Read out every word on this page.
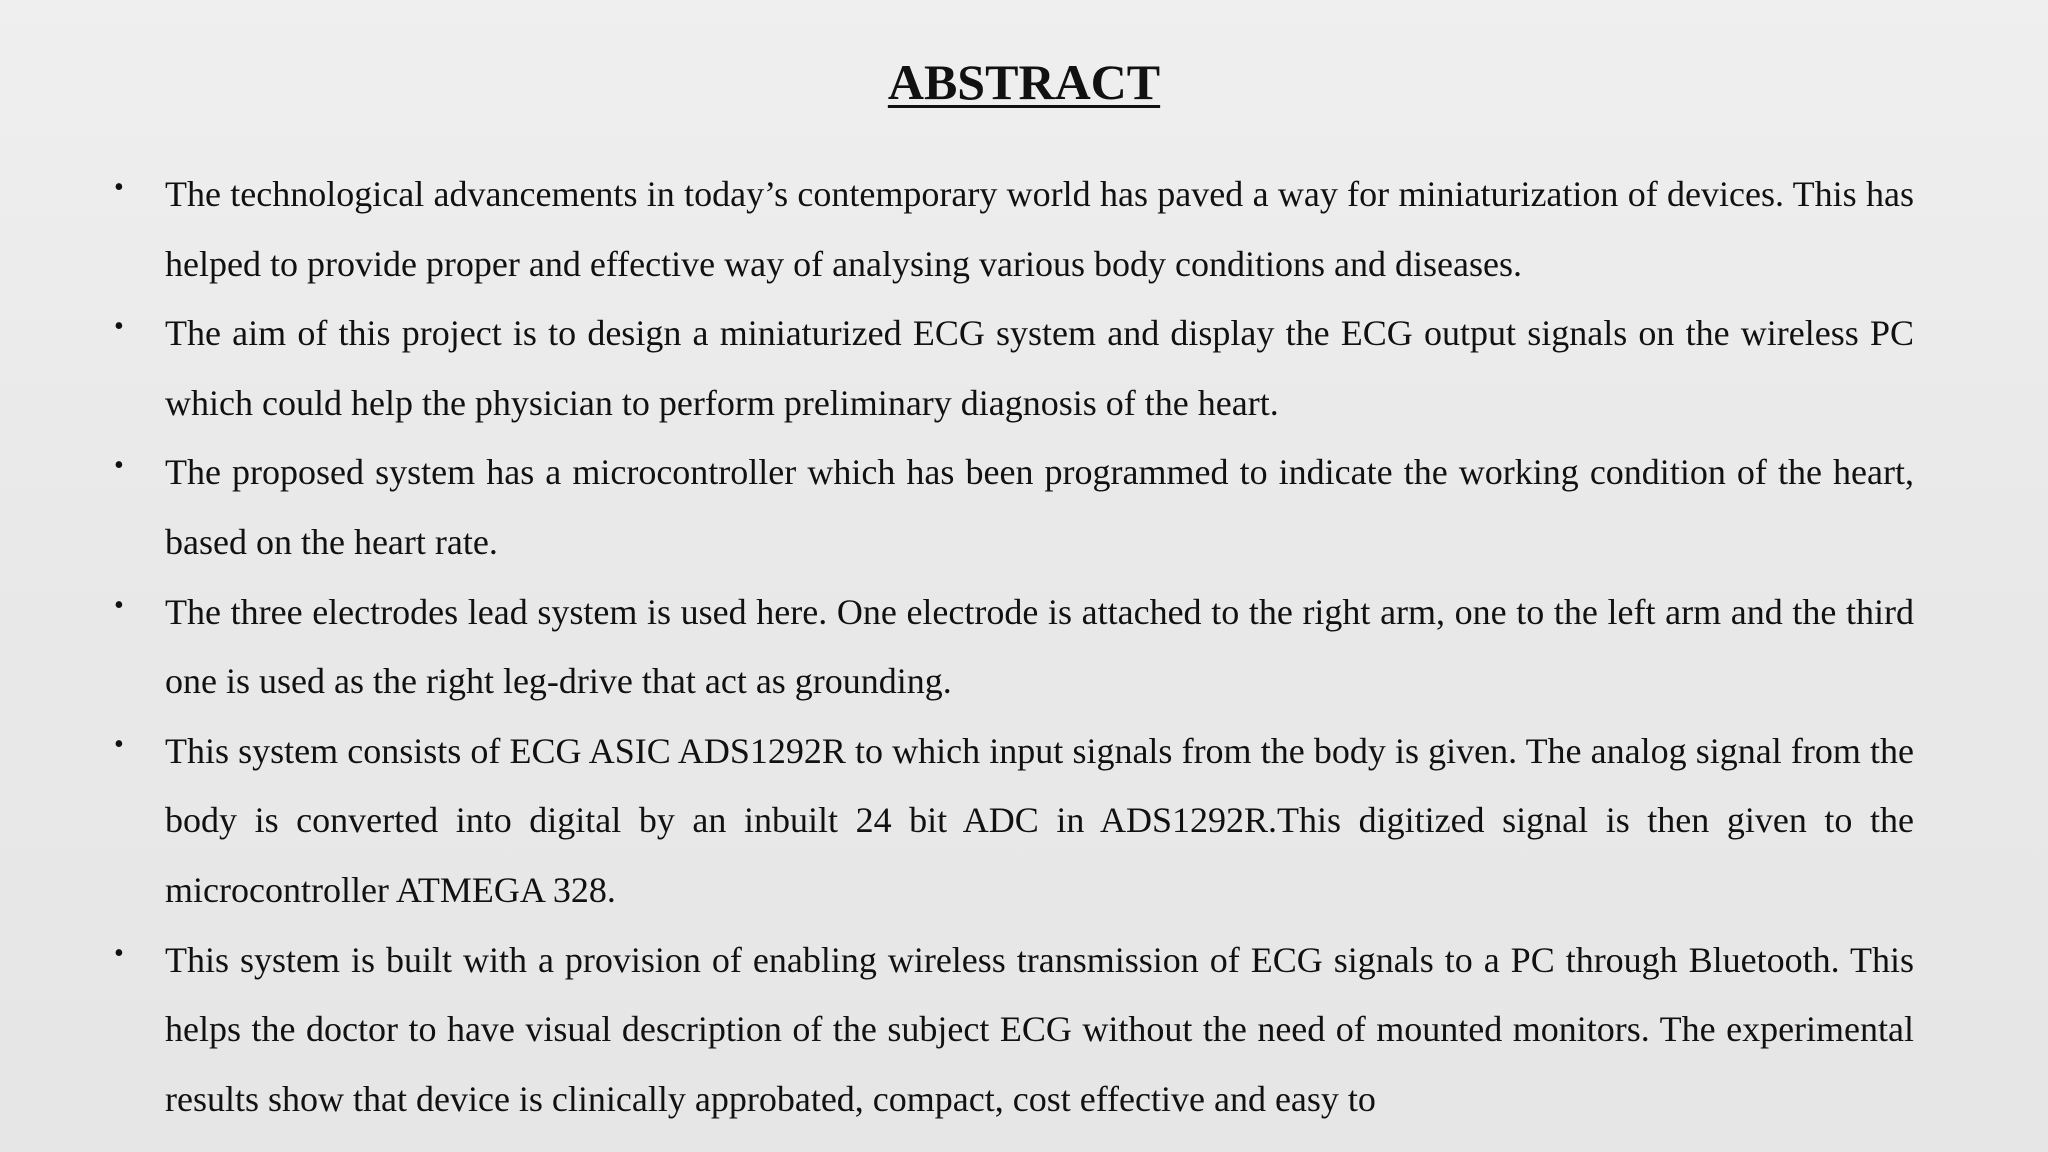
ABSTRACT
• The technological advancements in today’s contemporary world has paved a way for miniaturization of devices. This has helped to provide proper and effective way of analysing various body conditions and diseases.
• The aim of this project is to design a miniaturized ECG system and display the ECG output signals on the wireless PC which could help the physician to perform preliminary diagnosis of the heart.
• The proposed system has a microcontroller which has been programmed to indicate the working condition of the heart, based on the heart rate.
• The three electrodes lead system is used here. One electrode is attached to the right arm, one to the left arm and the third one is used as the right leg-drive that act as grounding.
• This system consists of ECG ASIC ADS1292R to which input signals from the body is given. The analog signal from the body is converted into digital by an inbuilt 24 bit ADC in ADS1292R.This digitized signal is then given to the microcontroller ATMEGA 328.
• This system is built with a provision of enabling wireless transmission of ECG signals to a PC through Bluetooth. This helps the doctor to have visual description of the subject ECG without the need of mounted monitors. The experimental results show that device is clinically approbated, compact, cost effective and easy to
